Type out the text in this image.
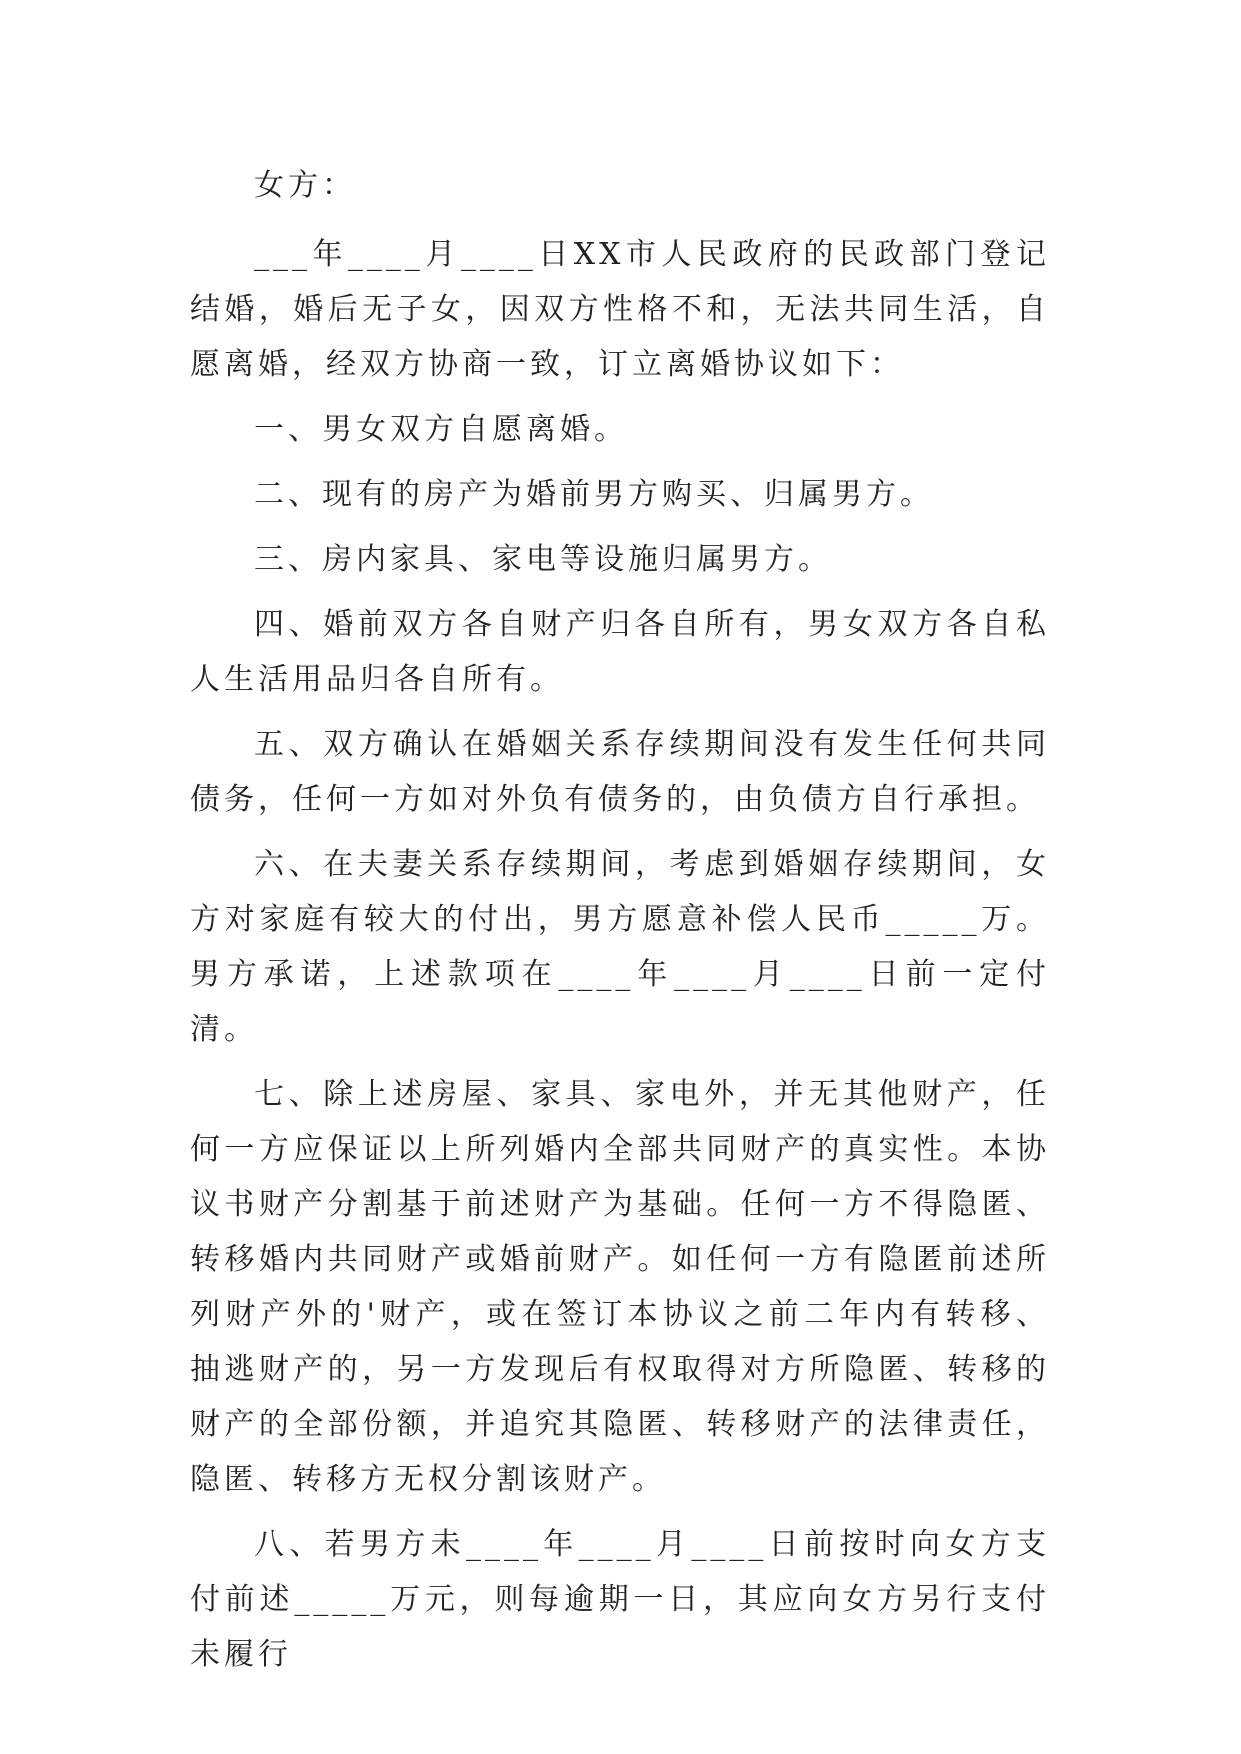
女方：

___年____月____日XX市人民政府的民政部门登记结婚，婚后无子女，因双方性格不和，无法共同生活，自愿离婚，经双方协商一致，订立离婚协议如下：

一、男女双方自愿离婚。

二、现有的房产为婚前男方购买、归属男方。

三、房内家具、家电等设施归属男方。

四、婚前双方各自财产归各自所有，男女双方各自私人生活用品归各自所有。

五、双方确认在婚姻关系存续期间没有发生任何共同债务，任何一方如对外负有债务的，由负债方自行承担。

六、在夫妻关系存续期间，考虑到婚姻存续期间，女方对家庭有较大的付出，男方愿意补偿人民币_____万。男方承诺，上述款项在____年____月____日前一定付清。

七、除上述房屋、家具、家电外，并无其他财产，任何一方应保证以上所列婚内全部共同财产的真实性。本协议书财产分割基于前述财产为基础。任何一方不得隐匿、转移婚内共同财产或婚前财产。如任何一方有隐匿前述所列财产外的'财产，或在签订本协议之前二年内有转移、抽逃财产的，另一方发现后有权取得对方所隐匿、转移的财产的全部份额，并追究其隐匿、转移财产的法律责任，隐匿、转移方无权分割该财产。

八、若男方未____年____月____日前按时向女方支付前述_____万元，则每逾期一日，其应向女方另行支付未履行
